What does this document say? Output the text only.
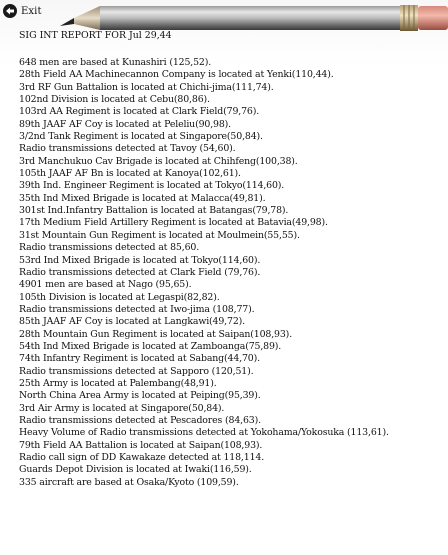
Exit
SIG INT REPORT FOR Jul 29,44
648 men are based at Kunashiri (125,52).
28th Field AA Machinecannon Company is located at Yenki(110,44).
3rd RF Gun Battalion is located at Chichi-jima(111,74).
102nd Division is located at Cebu(80,86).
103rd AA Regiment is located at Clark Field(79,76).
89th JAAF AF Coy is located at Peleliu(90,98).
3/2nd Tank Regiment is located at Singapore(50,84).
Radio transmissions detected at Tavoy (54,60).
3rd Manchukuo Cav Brigade is located at Chihfeng(100,38).
105th JAAF AF Bn is located at Kanoya(102,61).
39th Ind. Engineer Regiment is located at Tokyo(114,60).
35th Ind Mixed Brigade is located at Malacca(49,81).
301st Ind.Infantry Battalion is located at Batangas(79,78).
17th Medium Field Artillery Regiment is located at Batavia(49,98).
31st Mountain Gun Regiment is located at Moulmein(55,55).
Radio transmissions detected at 85,60.
53rd Ind Mixed Brigade is located at Tokyo(114,60).
Radio transmissions detected at Clark Field (79,76).
4901 men are based at Nago (95,65).
105th Division is located at Legaspi(82,82).
Radio transmissions detected at Iwo-jima (108,77).
85th JAAF AF Coy is located at Langkawi(49,72).
28th Mountain Gun Regiment is located at Saipan(108,93).
54th Ind Mixed Brigade is located at Zamboanga(75,89).
74th Infantry Regiment is located at Sabang(44,70).
Radio transmissions detected at Sapporo (120,51).
25th Army is located at Palembang(48,91).
North China Area Army is located at Peiping(95,39).
3rd Air Army is located at Singapore(50,84).
Radio transmissions detected at Pescadores (84,63).
Heavy Volume of Radio transmissions detected at Yokohama/Yokosuka (113,61).
79th Field AA Battalion is located at Saipan(108,93).
Radio call sign of DD Kawakaze detected at 118,114.
Guards Depot Division is located at Iwaki(116,59).
335 aircraft are based at Osaka/Kyoto (109,59).
